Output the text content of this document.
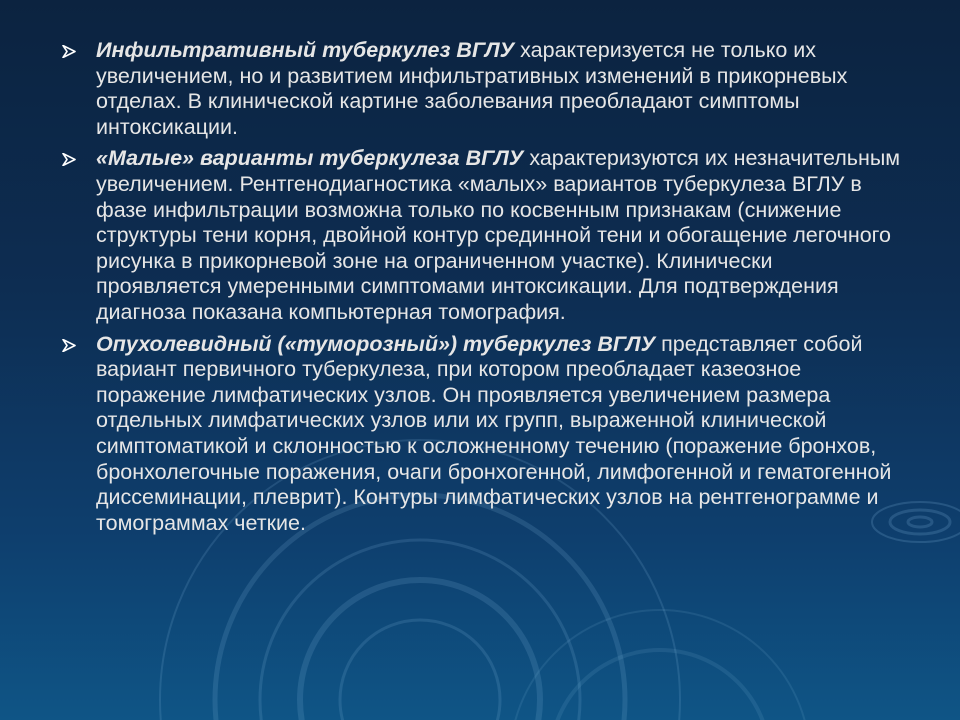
Инфильтративный туберкулез ВГЛУ характеризуется не только их увеличением, но и развитием инфильтративных изменений в прикорневых отделах. В клинической картине заболевания преобладают симптомы интоксикации.
«Малые» варианты туберкулеза ВГЛУ характеризуются их незначительным увеличением. Рентгенодиагностика «малых» вариантов туберкулеза ВГЛУ в фазе инфильтрации возможна только по косвенным признакам (снижение структуры тени корня, двойной контур срединной тени и обогащение легочного рисунка в прикорневой зоне на ограниченном участке). Клинически проявляется умеренными симптомами интоксикации. Для подтверждения диагноза показана компьютерная томография.
Опухолевидный («туморозный») туберкулез ВГЛУ представляет собой вариант первичного туберкулеза, при котором преобладает казеозное поражение лимфатических узлов. Он проявляется увеличением размера отдельных лимфатических узлов или их групп, выраженной клинической симптоматикой и склонностью к осложненному течению (поражение бронхов, бронхолегочные поражения, очаги бронхогенной, лимфогенной и гематогенной диссеминации, плеврит). Контуры лимфатических узлов на рентгенограмме и томограммах четкие.
